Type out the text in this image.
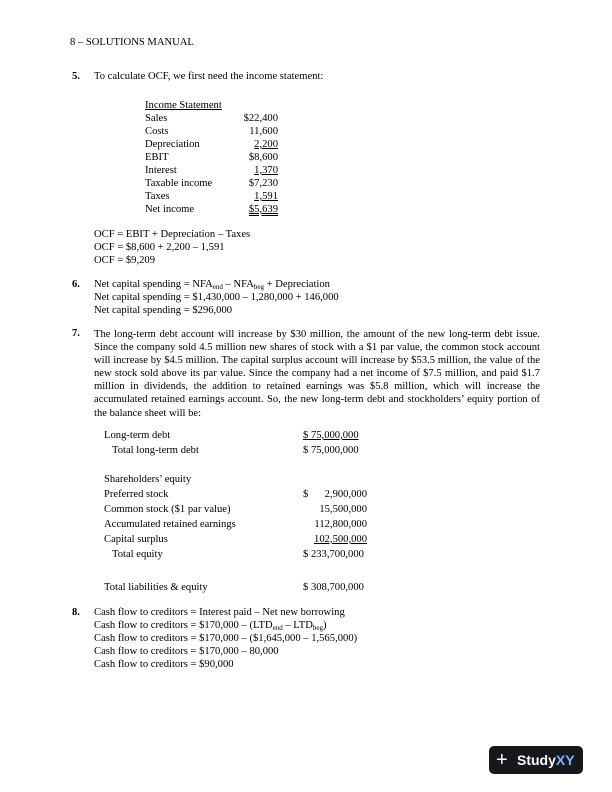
8 – SOLUTIONS MANUAL
5. To calculate OCF, we first need the income statement:
Income Statement
Sales	$22,400
Costs	11,600
Depreciation	2,200
EBIT	$8,600
Interest	1,370
Taxable income	$7,230
Taxes	1,591
Net income	$5,639
OCF = EBIT + Depreciation – Taxes
OCF = $8,600 + 2,200 – 1,591
OCF = $9,209
6. Net capital spending = $NFA_{end} - NFA_{beg}$ + Depreciation
Net capital spending = $1,430,000 – 1,280,000 + 146,000
Net capital spending = $296,000
7. The long-term debt account will increase by $30 million, the amount of the new long-term debt issue. Since the company sold 4.5 million new shares of stock with a $1 par value, the common stock account will increase by $4.5 million. The capital surplus account will increase by $53.5 million, the value of the new stock sold above its par value. Since the company had a net income of $7.5 million, and paid $1.7 million in dividends, the addition to retained earnings was $5.8 million, which will increase the accumulated retained earnings account. So, the new long-term debt and stockholders’ equity portion of the balance sheet will be:
Long-term debt	$ 75,000,000
Total long-term debt	$ 75,000,000
Shareholders’ equity
Preferred stock	$	2,900,000
Common stock ($1 par value)	15,500,000
Accumulated retained earnings	112,800,000
Capital surplus	102,500,000
Total equity	$ 233,700,000
Total liabilities & equity	$ 308,700,000
8. Cash flow to creditors = Interest paid – Net new borrowing
Cash flow to creditors = $170,000 – $(LTD_{end} - LTD_{beg})$
Cash flow to creditors = $170,000 – ($1,645,000 – 1,565,000)
Cash flow to creditors = $170,000 – 80,000
Cash flow to creditors = $90,000
+ StudyXY
